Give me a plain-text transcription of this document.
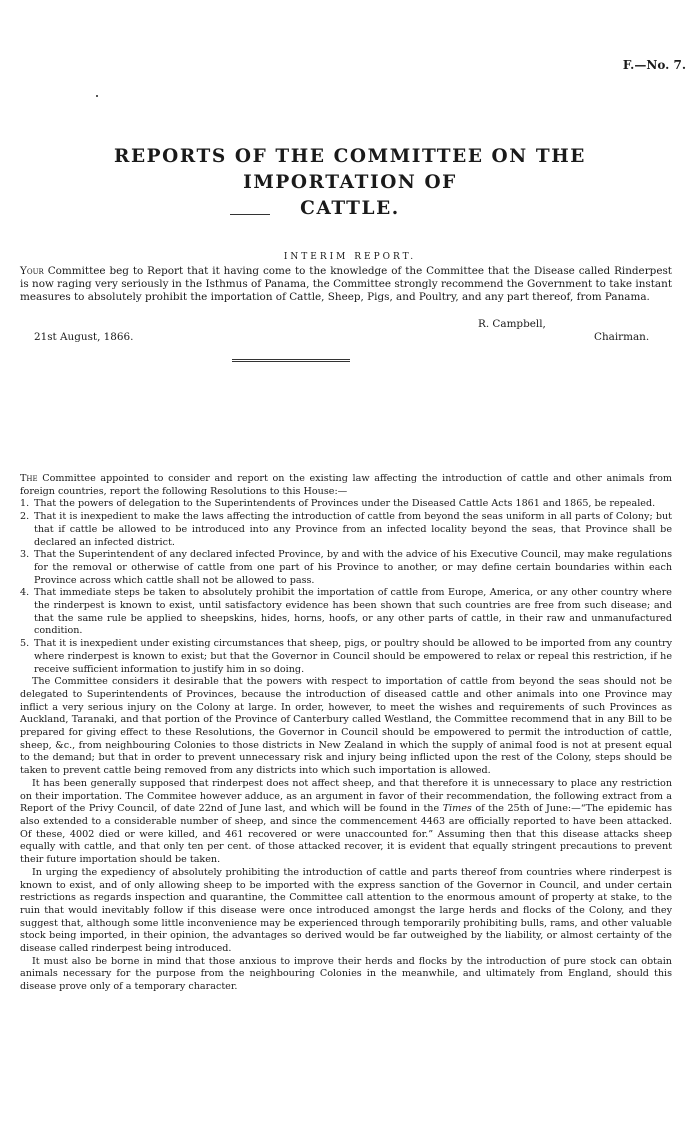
F.—No. 7.
REPORTS OF THE COMMITTEE ON THE IMPORTATION OF
CATTLE.
INTERIM REPORT.

Your Committee beg to Report that it having come to the knowledge of the Committee that the Disease called Rinderpest is now raging very seriously in the Isthmus of Panama, the Committee strongly recommend the Government to take instant measures to absolutely prohibit the importation of Cattle, Sheep, Pigs, and Poultry, and any part thereof, from Panama.

R. Campbell,
21st August, 1866.	Chairman.

The Committee appointed to consider and report on the existing law affecting the introduction of cattle and other animals from foreign countries, report the following Resolutions to this House:—

1. That the powers of delegation to the Superintendents of Provinces under the Diseased Cattle Acts 1861 and 1865, be repealed.

2. That it is inexpedient to make the laws affecting the introduction of cattle from beyond the seas uniform in all parts of Colony; but that if cattle be allowed to be introduced into any Province from an infected locality beyond the seas, that Province shall be declared an infected district.

3. That the Superintendent of any declared infected Province, by and with the advice of his Executive Council, may make regulations for the removal or otherwise of cattle from one part of his Province to another, or may define certain boundaries within each Province across which cattle shall not be allowed to pass.

4. That immediate steps be taken to absolutely prohibit the importation of cattle from Europe, America, or any other country where the rinderpest is known to exist, until satisfactory evidence has been shown that such countries are free from such disease; and that the same rule be applied to sheepskins, hides, horns, hoofs, or any other parts of cattle, in their raw and unmanufactured condition.

5. That it is inexpedient under existing circumstances that sheep, pigs, or poultry should be allowed to be imported from any country where rinderpest is known to exist; but that the Governor in Council should be empowered to relax or repeal this restriction, if he receive sufficient information to justify him in so doing.

The Committee considers it desirable that the powers with respect to importation of cattle from beyond the seas should not be delegated to Superintendents of Provinces, because the introduction of diseased cattle and other animals into one Province may inflict a very serious injury on the Colony at large. In order, however, to meet the wishes and requirements of such Provinces as Auckland, Taranaki, and that portion of the Province of Canterbury called Westland, the Committee recommend that in any Bill to be prepared for giving effect to these Resolutions, the Governor in Council should be empowered to permit the introduction of cattle, sheep, &c., from neighbouring Colonies to those districts in New Zealand in which the supply of animal food is not at present equal to the demand; but that in order to prevent unnecessary risk and injury being inflicted upon the rest of the Colony, steps should be taken to prevent cattle being removed from any districts into which such importation is allowed.

It has been generally supposed that rinderpest does not affect sheep, and that therefore it is unnecessary to place any restriction on their importation. The Commitee however adduce, as an argument in favor of their recommendation, the following extract from a Report of the Privy Council, of date 22nd of June last, and which will be found in the Times of the 25th of June:—“The epidemic has also extended to a considerable number of sheep, and since the commencement 4463 are officially reported to have been attacked. Of these, 4002 died or were killed, and 461 recovered or were unaccounted for.” Assuming then that this disease attacks sheep equally with cattle, and that only ten per cent. of those attacked recover, it is evident that equally stringent precautions to prevent their future importation should be taken.

In urging the expediency of absolutely prohibiting the introduction of cattle and parts thereof from countries where rinderpest is known to exist, and of only allowing sheep to be imported with the express sanction of the Governor in Council, and under certain restrictions as regards inspection and quarantine, the Committee call attention to the enormous amount of property at stake, to the ruin that would inevitably follow if this disease were once introduced amongst the large herds and flocks of the Colony, and they suggest that, although some little inconvenience may be experienced through temporarily prohibiting bulls, rams, and other valuable stock being imported, in their opinion, the advantages so derived would be far outweighed by the liability, or almost certainty of the disease called rinderpest being introduced.

It must also be borne in mind that those anxious to improve their herds and flocks by the introduction of pure stock can obtain animals necessary for the purpose from the neighbouring Colonies in the meanwhile, and ultimately from England, should this disease prove only of a temporary character.
